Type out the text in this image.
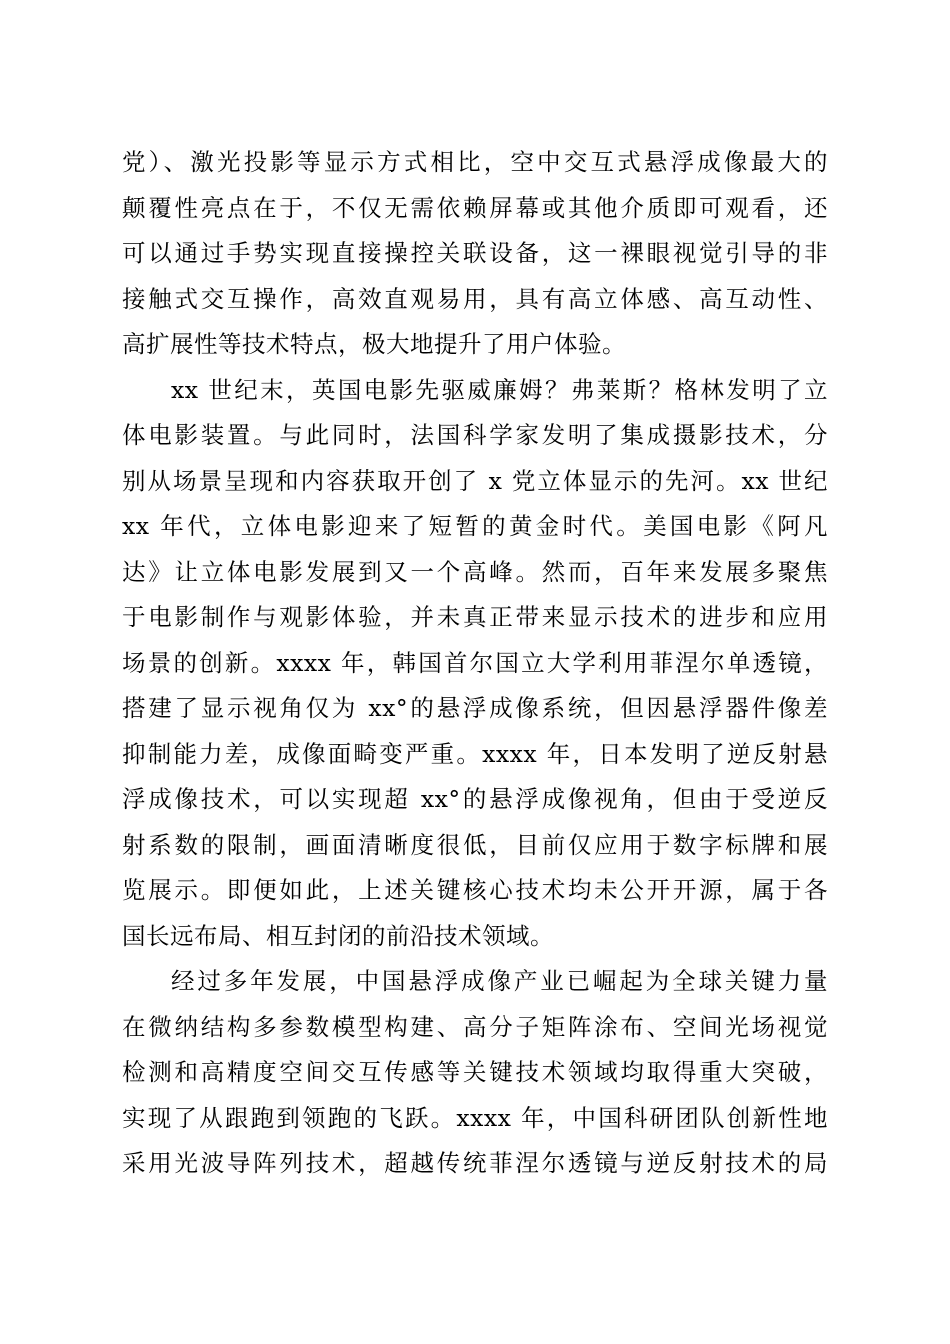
党）、激光投影等显示方式相比，空中交互式悬浮成像最大的
颠覆性亮点在于，不仅无需依赖屏幕或其他介质即可观看，还
可以通过手势实现直接操控关联设备，这一裸眼视觉引导的非
接触式交互操作，高效直观易用，具有高立体感、高互动性、
高扩展性等技术特点，极大地提升了用户体验。
xx 世纪末，英国电影先驱威廉姆？弗莱斯？格林发明了立
体电影装置。与此同时，法国科学家发明了集成摄影技术，分
别从场景呈现和内容获取开创了 x 党立体显示的先河。xx 世纪
xx 年代，立体电影迎来了短暂的黄金时代。美国电影《阿凡
达》让立体电影发展到又一个高峰。然而，百年来发展多聚焦
于电影制作与观影体验，并未真正带来显示技术的进步和应用
场景的创新。xxxx 年，韩国首尔国立大学利用菲涅尔单透镜，
搭建了显示视角仅为 xx°的悬浮成像系统，但因悬浮器件像差
抑制能力差，成像面畸变严重。xxxx 年，日本发明了逆反射悬
浮成像技术，可以实现超 xx°的悬浮成像视角，但由于受逆反
射系数的限制，画面清晰度很低，目前仅应用于数字标牌和展
览展示。即便如此，上述关键核心技术均未公开开源，属于各
国长远布局、相互封闭的前沿技术领域。
经过多年发展，中国悬浮成像产业已崛起为全球关键力量
在微纳结构多参数模型构建、高分子矩阵涂布、空间光场视觉
检测和高精度空间交互传感等关键技术领域均取得重大突破，
实现了从跟跑到领跑的飞跃。xxxx 年，中国科研团队创新性地
采用光波导阵列技术，超越传统菲涅尔透镜与逆反射技术的局
